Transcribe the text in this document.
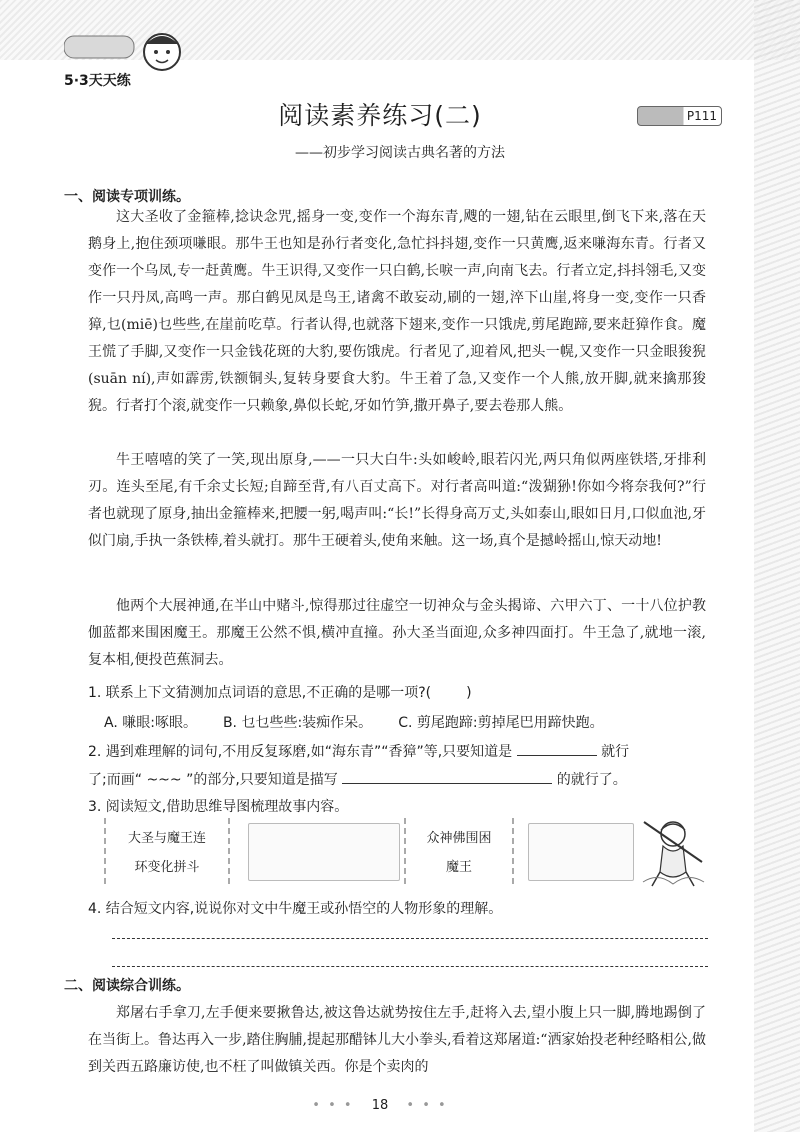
5·3天天练
阅读素养练习(二)	P111
——初步学习阅读古典名著的方法
一、阅读专项训练。

这大圣收了金箍棒,捻诀念咒,摇身一变,变作一个海东青,飕的一翅,钻在云眼里,倒飞下来,落在天鹅身上,抱住颈项嗛眼。那牛王也知是孙行者变化,急忙抖抖翅,变作一只黄鹰,返来嗛海东青。行者又变作一个乌凤,专一赶黄鹰。牛王识得,又变作一只白鹤,长唳一声,向南飞去。行者立定,抖抖翎毛,又变作一只丹凤,高鸣一声。那白鹤见凤是鸟王,诸禽不敢妄动,刷的一翅,淬下山崖,将身一变,变作一只香獐,乜(miē)乜些些,在崖前吃草。行者认得,也就落下翅来,变作一只饿虎,剪尾跑蹄,要来赶獐作食。魔王慌了手脚,又变作一只金钱花斑的大豹,要伤饿虎。行者见了,迎着风,把头一幌,又变作一只金眼狻猊(suān ní),声如霹雳,铁额铜头,复转身要食大豹。牛王着了急,又变作一个人熊,放开脚,就来擒那狻猊。行者打个滚,就变作一只赖象,鼻似长蛇,牙如竹笋,撒开鼻子,要去卷那人熊。

牛王嘻嘻的笑了一笑,现出原身,——一只大白牛:头如峻岭,眼若闪光,两只角似两座铁塔,牙排利刃。连头至尾,有千余丈长短;自蹄至背,有八百丈高下。对行者高叫道:“泼猢狲!你如今将奈我何?”行者也就现了原身,抽出金箍棒来,把腰一躬,喝声叫:“长!”长得身高万丈,头如泰山,眼如日月,口似血池,牙似门扇,手执一条铁棒,着头就打。那牛王硬着头,使角来触。这一场,真个是撼岭摇山,惊天动地!

他两个大展神通,在半山中赌斗,惊得那过往虚空一切神众与金头揭谛、六甲六丁、一十八位护教伽蓝都来围困魔王。那魔王公然不惧,横冲直撞。孙大圣当面迎,众多神四面打。牛王急了,就地一滚,复本相,便投芭蕉洞去。

1. 联系上下文猜测加点词语的意思,不正确的是哪一项?( )
A. 嗛眼:啄眼。 B. 乜乜些些:装痴作呆。 C. 剪尾跑蹄:剪掉尾巴用蹄快跑。
2. 遇到难理解的词句,不用反复琢磨,如“海东青”“香獐”等,只要知道是	就行
了;而画“ ~~~ ”的部分,只要知道是描写	的就行了。
3. 阅读短文,借助思维导图梳理故事内容。
大圣与魔王连
环变化拼斗
众神佛围困
魔王
4. 结合短文内容,说说你对文中牛魔王或孙悟空的人物形象的理解。
二、阅读综合训练。

郑屠右手拿刀,左手便来要揪鲁达,被这鲁达就势按住左手,赶将入去,望小腹上只一脚,腾地踢倒了在当街上。鲁达再入一步,踏住胸脯,提起那醋钵儿大小拳头,看着这郑屠道:“洒家始投老种经略相公,做到关西五路廉访使,也不枉了叫做镇关西。你是个卖肉的

• • • 18 • • •
